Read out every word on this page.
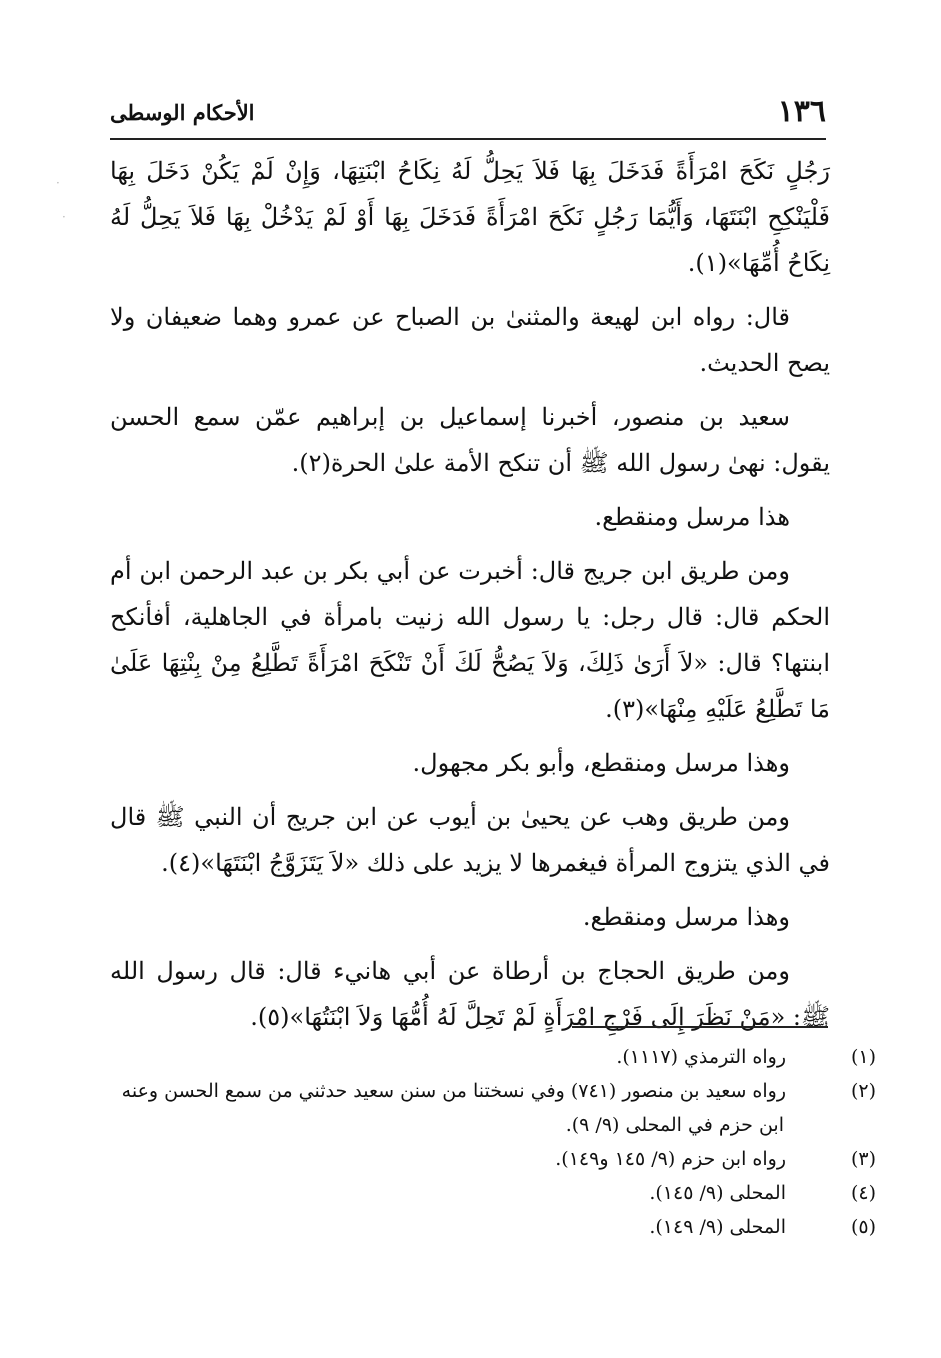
·
·
١٣٦
الأحكام الوسطى

رَجُلٍ نَكَحَ امْرَأَةً فَدَخَلَ بِهَا فَلاَ يَحِلُّ لَهُ نِكَاحُ ابْنَتِهَا، وَإِنْ لَمْ يَكُنْ دَخَلَ بِهَا فَلْيَنْكِحِ ابْنَتَهَا، وَأَيُّمَا رَجُلٍ نَكَحَ امْرَأَةً فَدَخَلَ بِهَا أَوْ لَمْ يَدْخُلْ بِهَا فَلاَ يَحِلُّ لَهُ نِكَاحُ أُمِّهَا»(١).

قال: رواه ابن لهيعة والمثنىٰ بن الصباح عن عمرو وهما ضعيفان ولا يصح الحديث.

سعيد بن منصور، أخبرنا إسماعيل بن إبراهيم عمّن سمع الحسن يقول: نهىٰ رسول الله ﷺ أن تنكح الأمة علىٰ الحرة(٢).

هذا مرسل ومنقطع.

ومن طريق ابن جريج قال: أخبرت عن أبي بكر بن عبد الرحمن ابن أم الحكم قال: قال رجل: يا رسول الله زنيت بامرأة في الجاهلية، أفأنكح ابنتها؟ قال: «لاَ أَرَىٰ ذَلِكَ، وَلاَ يَصُحُّ لَكَ أَنْ تَنْكَحَ امْرَأَةً تَطَّلِعُ مِنْ بِنْتِهَا عَلَىٰ مَا تَطَّلِعُ عَلَيْهِ مِنْهَا»(٣).

وهذا مرسل ومنقطع، وأبو بكر مجهول.

ومن طريق وهب عن يحيىٰ بن أيوب عن ابن جريج أن النبي ﷺ قال في الذي يتزوج المرأة فيغمرها لا يزيد على ذلك «لاَ يَتَزَوَّجُ ابْنَتَهَا»(٤).

وهذا مرسل ومنقطع.

ومن طريق الحجاج بن أرطاة عن أبي هانيء قال: قال رسول الله ﷺ: «مَنْ نَظَرَ إِلَى فَرْجِ امْرَأَةٍ لَمْ تَحِلَّ لَهُ أُمُّهَا وَلاَ ابْنَتُهَا»(٥).

(١)رواه الترمذي (١١١٧).

(٢)رواه سعيد بن منصور (٧٤١) وفي نسختنا من سنن سعيد حدثني من سمع الحسن وعنه ابن حزم في المحلى (٩/ ٩).

(٣)رواه ابن حزم (٩/ ١٤٥ و١٤٩).

(٤)المحلى (٩/ ١٤٥).

(٥)المحلى (٩/ ١٤٩).
